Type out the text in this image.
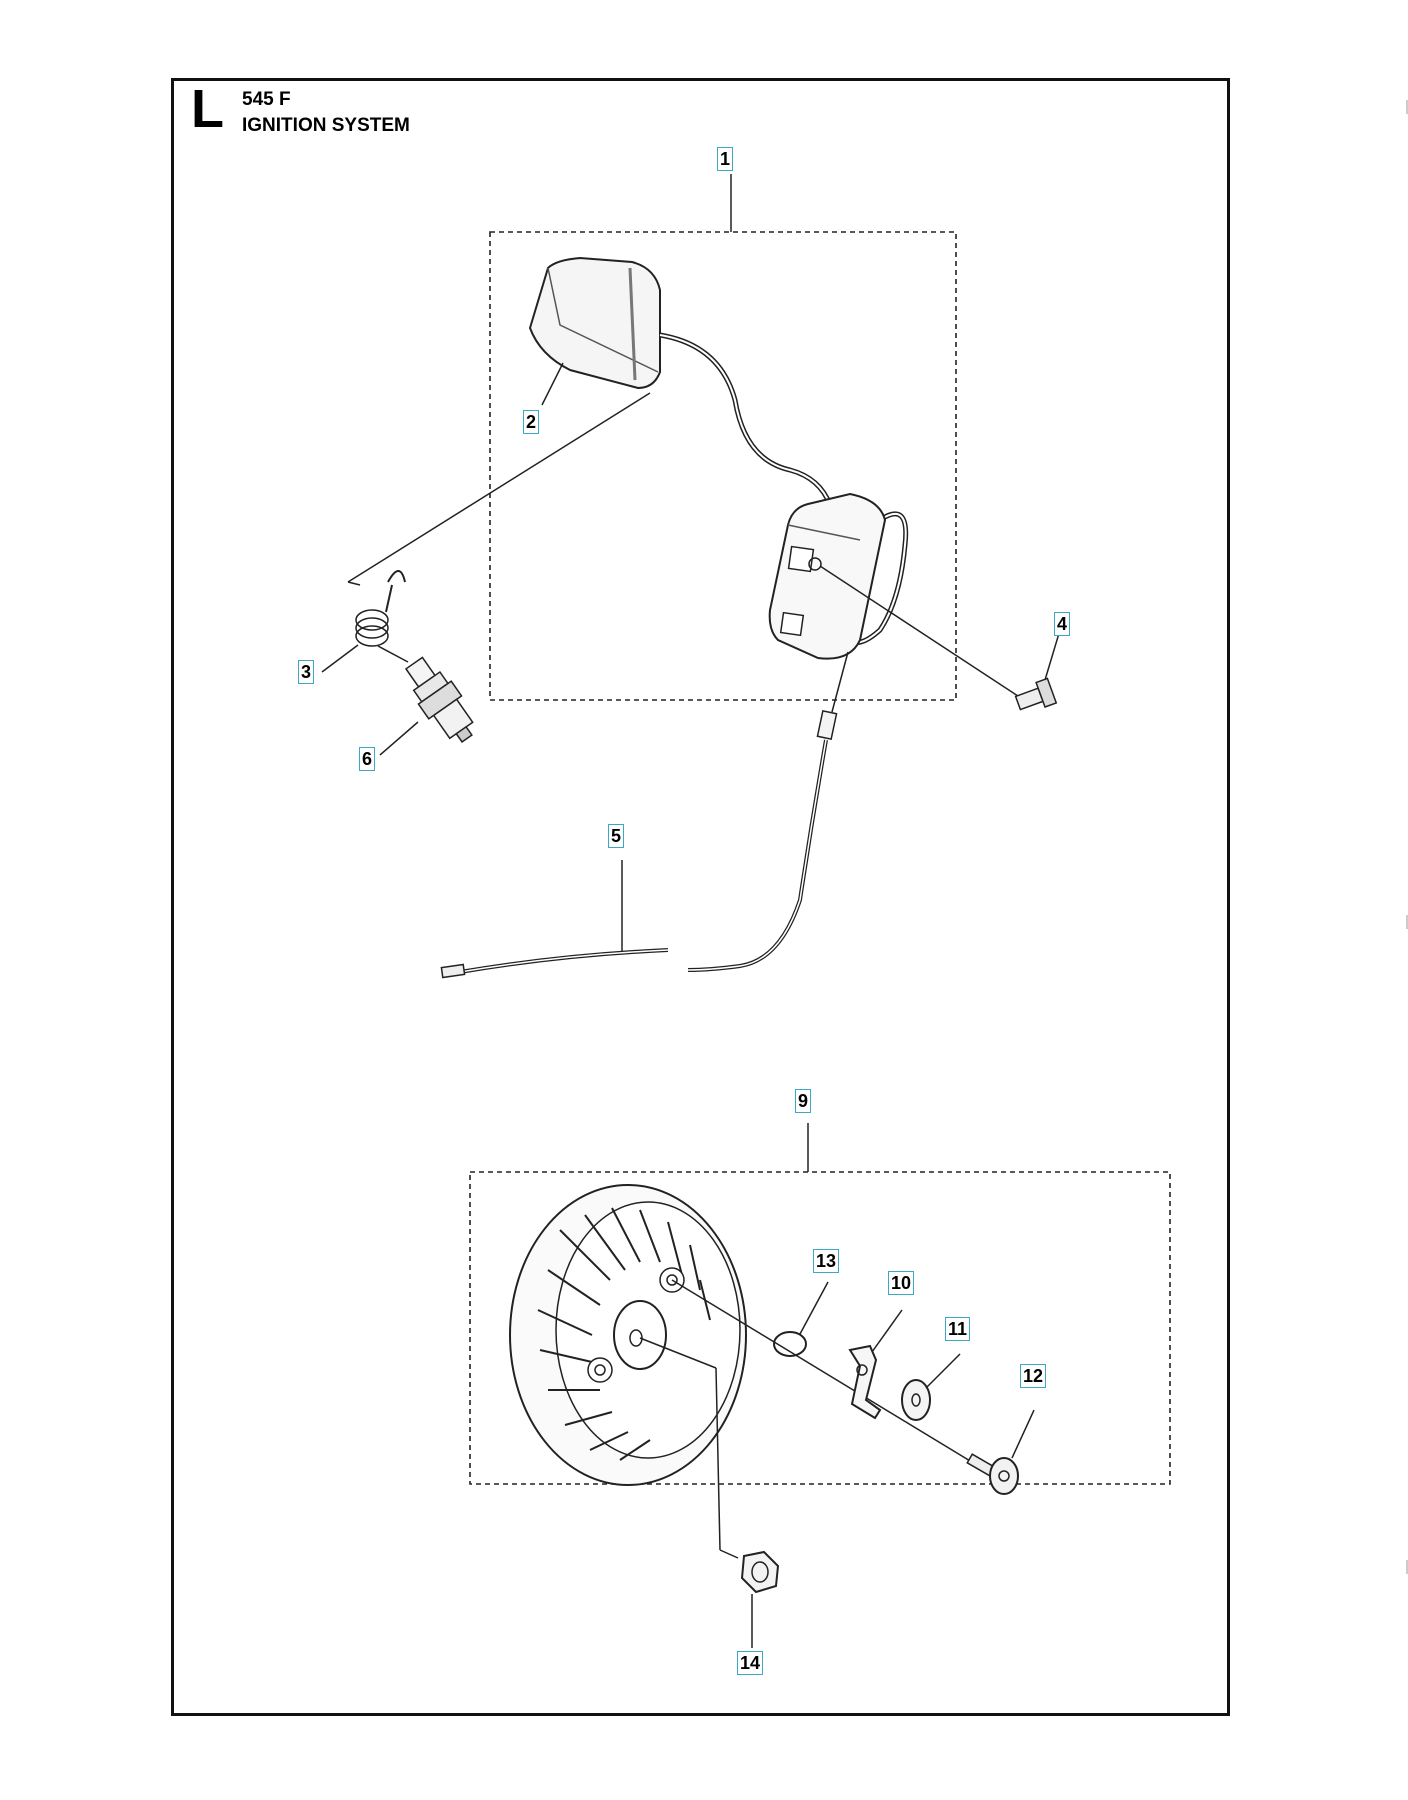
L 545 F
IGNITION SYSTEM
1
2
3
4
5
6
9
10
11
12
13
14
